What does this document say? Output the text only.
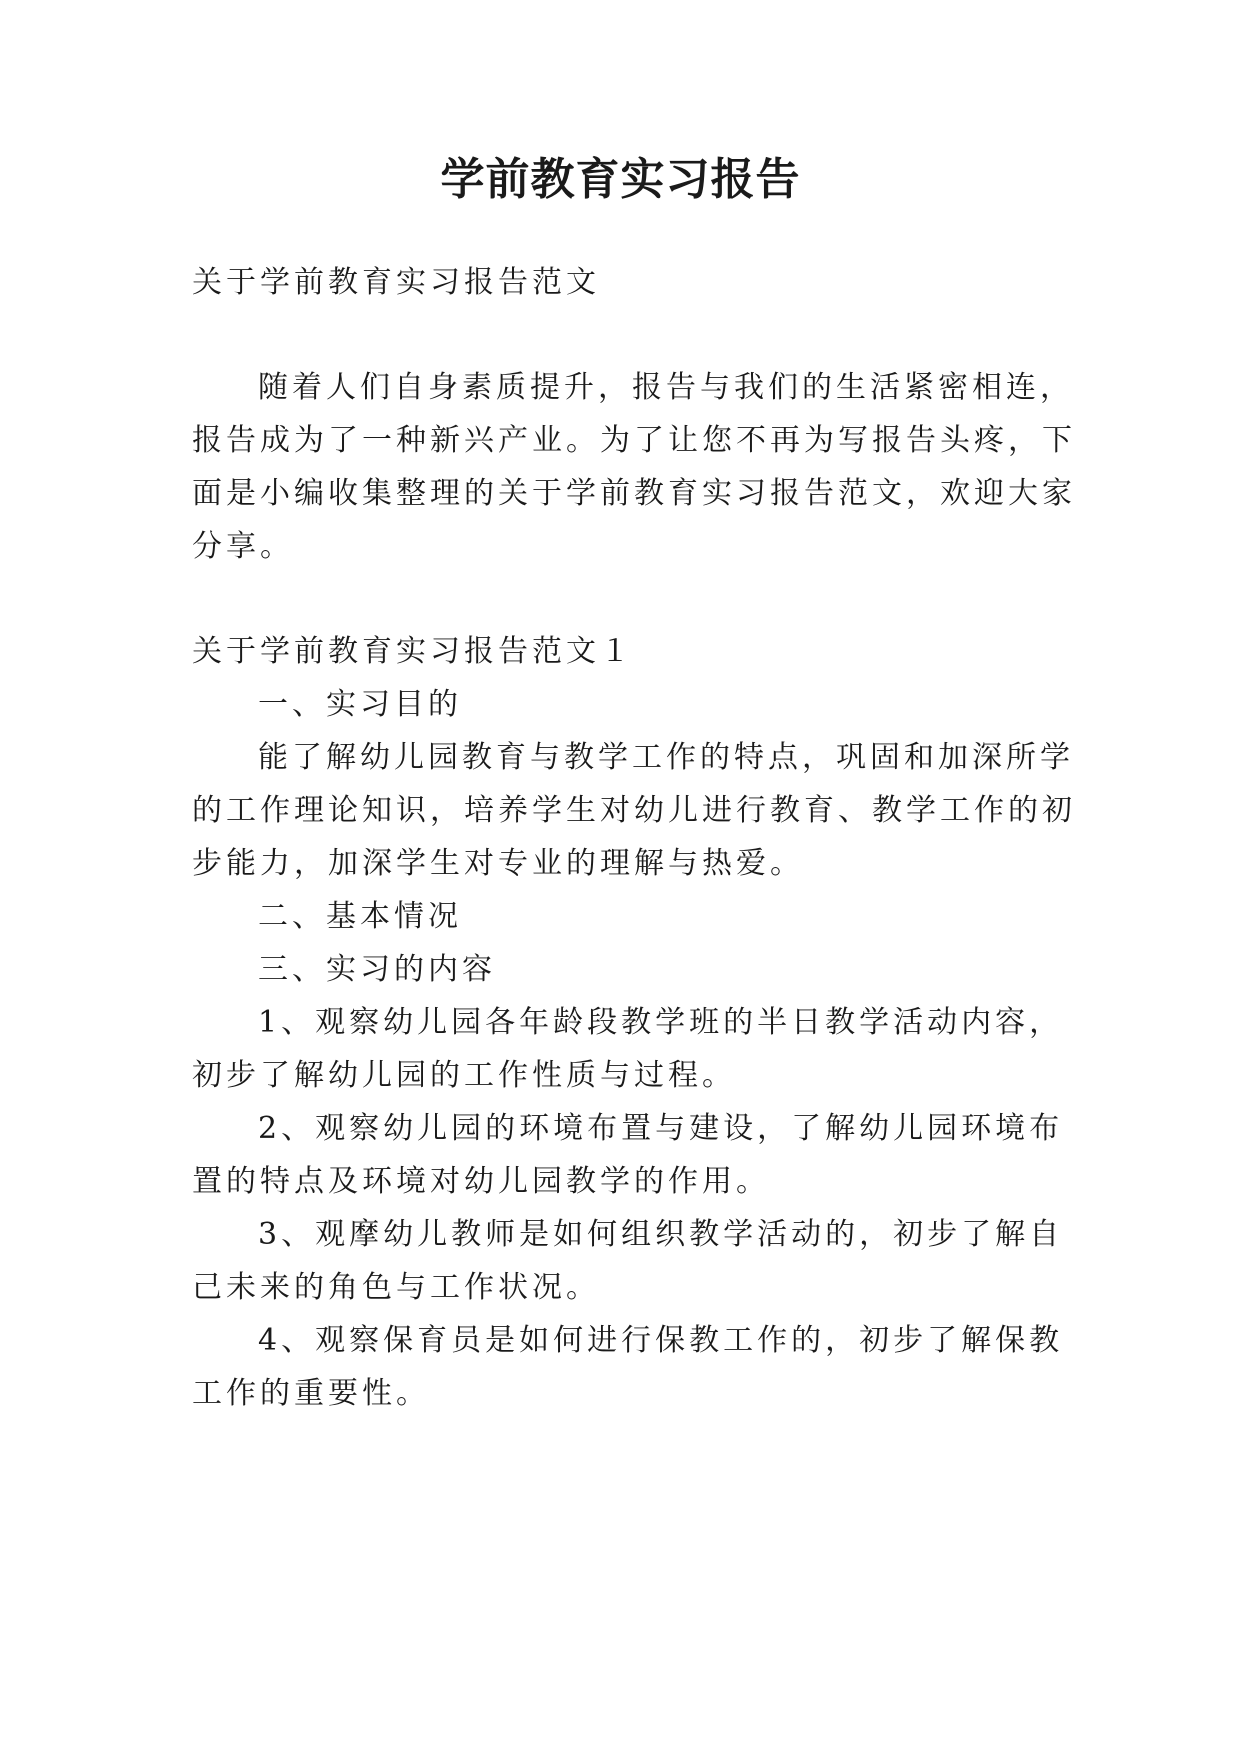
学前教育实习报告
关于学前教育实习报告范文
随着人们自身素质提升，报告与我们的生活紧密相连，
报告成为了一种新兴产业。为了让您不再为写报告头疼，下
面是小编收集整理的关于学前教育实习报告范文，欢迎大家
分享。
关于学前教育实习报告范文１
一、实习目的
能了解幼儿园教育与教学工作的特点，巩固和加深所学
的工作理论知识，培养学生对幼儿进行教育、教学工作的初
步能力，加深学生对专业的理解与热爱。
二、基本情况
三、实习的内容
1、观察幼儿园各年龄段教学班的半日教学活动内容，
初步了解幼儿园的工作性质与过程。
2、观察幼儿园的环境布置与建设，了解幼儿园环境布
置的特点及环境对幼儿园教学的作用。
3、观摩幼儿教师是如何组织教学活动的，初步了解自
己未来的角色与工作状况。
4、观察保育员是如何进行保教工作的，初步了解保教
工作的重要性。
